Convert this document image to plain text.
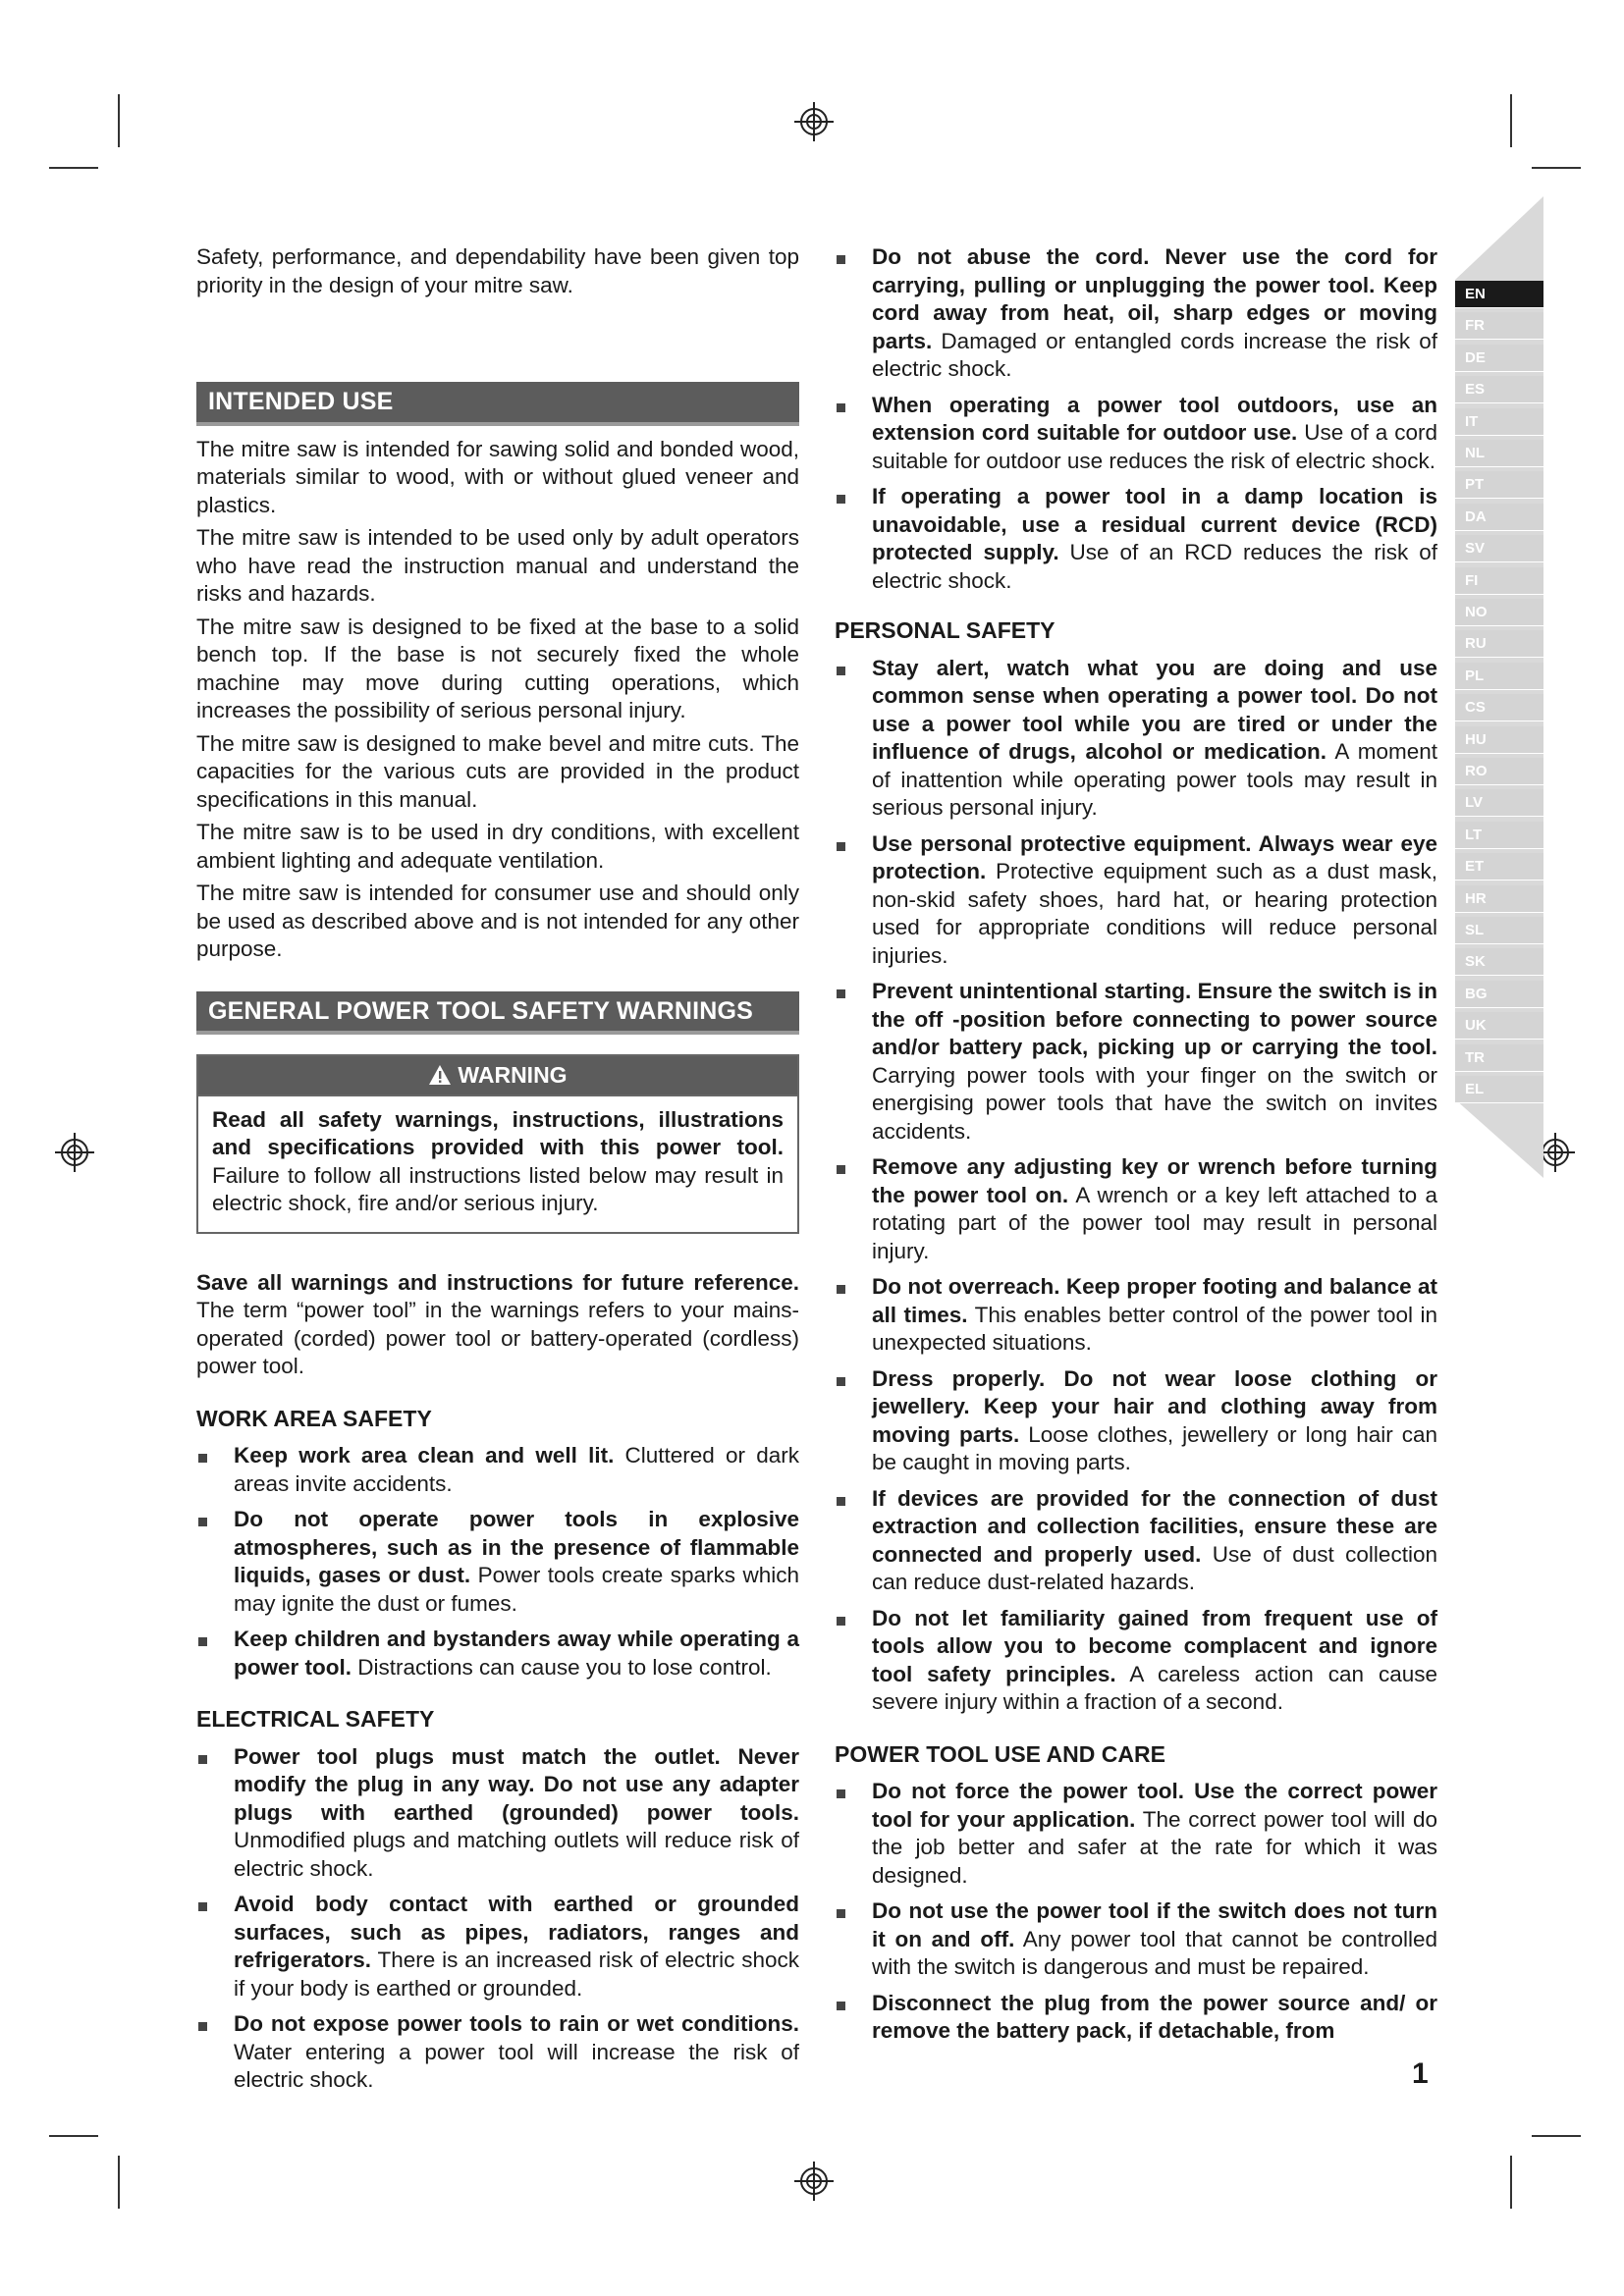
EN
FR
DE
ES
IT
NL
PT
DA
SV
FI
NO
RU
PL
CS
HU
RO
LV
LT
ET
HR
SL
SK
BG
UK
TR
EL

Safety, performance, and dependability have been given top priority in the design of your mitre saw.

INTENDED USE

The mitre saw is intended for sawing solid and bonded wood, materials similar to wood, with or without glued veneer and plastics.

The mitre saw is intended to be used only by adult operators who have read the instruction manual and understand the risks and hazards.

The mitre saw is designed to be fixed at the base to a solid bench top. If the base is not securely fixed the whole machine may move during cutting operations, which increases the possibility of serious personal injury.

The mitre saw is designed to make bevel and mitre cuts. The capacities for the various cuts are provided in the product specifications in this manual.

The mitre saw is to be used in dry conditions, with excellent ambient lighting and adequate ventilation.

The mitre saw is intended for consumer use and should only be used as described above and is not intended for any other purpose.

GENERAL POWER TOOL SAFETY WARNINGS
WARNING

Read all safety warnings, instructions, illustrations and specifications provided with this power tool. Failure to follow all instructions listed below may result in electric shock, fire and/or serious injury.

Save all warnings and instructions for future reference. The term “power tool” in the warnings refers to your mains-operated (corded) power tool or battery-operated (cordless) power tool.

WORK AREA SAFETY
Keep work area clean and well lit. Cluttered or dark areas invite accidents.
Do not operate power tools in explosive atmospheres, such as in the presence of flammable liquids, gases or dust. Power tools create sparks which may ignite the dust or fumes.
Keep children and bystanders away while operating a power tool. Distractions can cause you to lose control.
ELECTRICAL SAFETY
Power tool plugs must match the outlet. Never modify the plug in any way. Do not use any adapter plugs with earthed (grounded) power tools. Unmodified plugs and matching outlets will reduce risk of electric shock.
Avoid body contact with earthed or grounded surfaces, such as pipes, radiators, ranges and refrigerators. There is an increased risk of electric shock if your body is earthed or grounded.
Do not expose power tools to rain or wet conditions. Water entering a power tool will increase the risk of electric shock.
Do not abuse the cord. Never use the cord for carrying, pulling or unplugging the power tool. Keep cord away from heat, oil, sharp edges or moving parts. Damaged or entangled cords increase the risk of electric shock.
When operating a power tool outdoors, use an extension cord suitable for outdoor use. Use of a cord suitable for outdoor use reduces the risk of electric shock.
If operating a power tool in a damp location is unavoidable, use a residual current device (RCD) protected supply. Use of an RCD reduces the risk of electric shock.
PERSONAL SAFETY
Stay alert, watch what you are doing and use common sense when operating a power tool. Do not use a power tool while you are tired or under the influence of drugs, alcohol or medication. A moment of inattention while operating power tools may result in serious personal injury.
Use personal protective equipment. Always wear eye protection. Protective equipment such as a dust mask, non-skid safety shoes, hard hat, or hearing protection used for appropriate conditions will reduce personal injuries.
Prevent unintentional starting. Ensure the switch is in the off -position before connecting to power source and/or battery pack, picking up or carrying the tool. Carrying power tools with your finger on the switch or energising power tools that have the switch on invites accidents.
Remove any adjusting key or wrench before turning the power tool on. A wrench or a key left attached to a rotating part of the power tool may result in personal injury.
Do not overreach. Keep proper footing and balance at all times. This enables better control of the power tool in unexpected situations.
Dress properly. Do not wear loose clothing or jewellery. Keep your hair and clothing away from moving parts. Loose clothes, jewellery or long hair can be caught in moving parts.
If devices are provided for the connection of dust extraction and collection facilities, ensure these are connected and properly used. Use of dust collection can reduce dust-related hazards.
Do not let familiarity gained from frequent use of tools allow you to become complacent and ignore tool safety principles. A careless action can cause severe injury within a fraction of a second.
POWER TOOL USE AND CARE
Do not force the power tool. Use the correct power tool for your application. The correct power tool will do the job better and safer at the rate for which it was designed.
Do not use the power tool if the switch does not turn it on and off. Any power tool that cannot be controlled with the switch is dangerous and must be repaired.
Disconnect the plug from the power source and/ or remove the battery pack, if detachable, from
1
